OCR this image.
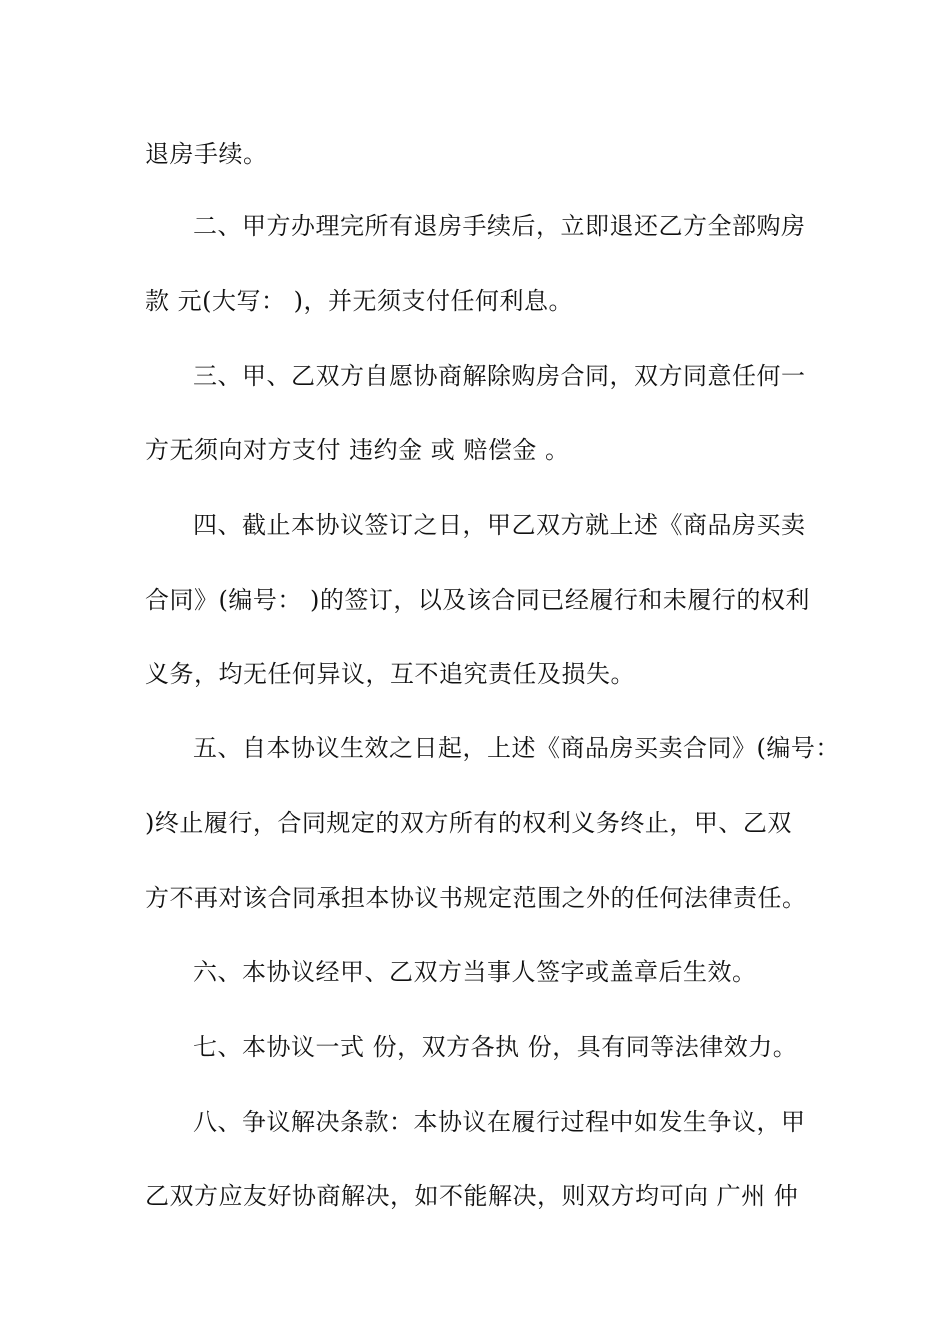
退房手续。
二、甲方办理完所有退房手续后，立即退还乙方全部购房
款 元(大写： )，并无须支付任何利息。
三、甲、乙双方自愿协商解除购房合同，双方同意任何一
方无须向对方支付 违约金 或 赔偿金 。
四、截止本协议签订之日，甲乙双方就上述《商品房买卖
合同》(编号： )的签订，以及该合同已经履行和未履行的权利
义务，均无任何异议，互不追究责任及损失。
五、自本协议生效之日起，上述《商品房买卖合同》(编号：
)终止履行，合同规定的双方所有的权利义务终止，甲、乙双
方不再对该合同承担本协议书规定范围之外的任何法律责任。
六、本协议经甲、乙双方当事人签字或盖章后生效。
七、本协议一式 份，双方各执 份，具有同等法律效力。
八、争议解决条款：本协议在履行过程中如发生争议，甲
乙双方应友好协商解决，如不能解决，则双方均可向 广州 仲
